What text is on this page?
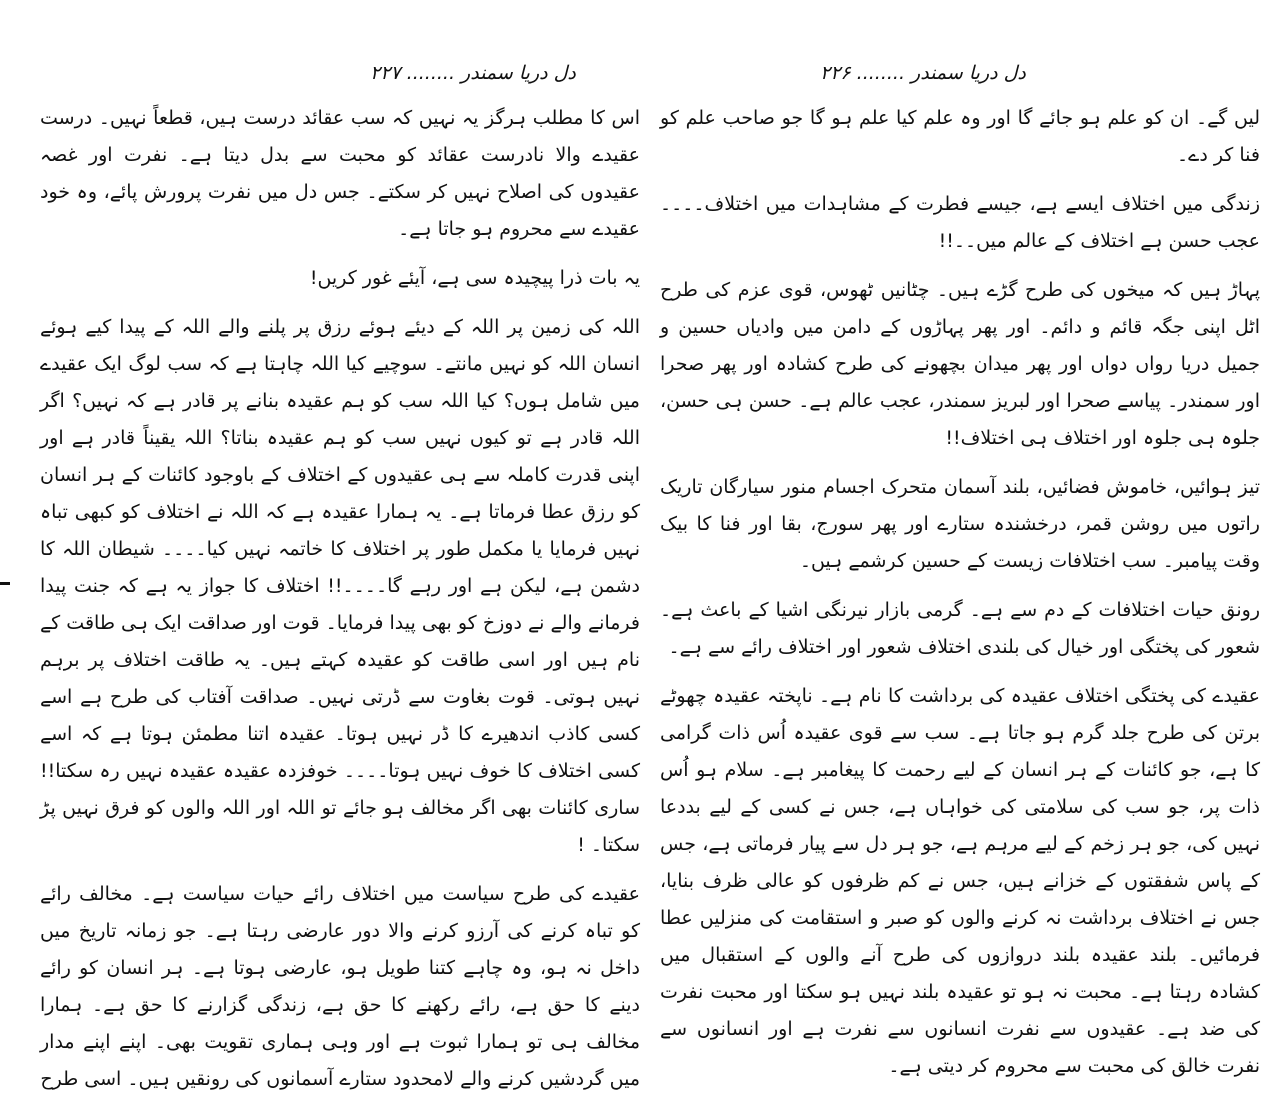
۲۲۷ ........ دل دریا سمندر

اس کا مطلب ہرگز یہ نہیں کہ سب عقائد درست ہیں، قطعاً نہیں۔ درست عقیدے والا نادرست عقائد کو محبت سے بدل دیتا ہے۔ نفرت اور غصہ عقیدوں کی اصلاح نہیں کر سکتے۔ جس دل میں نفرت پرورش پائے، وہ خود عقیدے سے محروم ہو جاتا ہے۔

یہ بات ذرا پیچیدہ سی ہے، آیئے غور کریں!

اللہ کی زمین پر اللہ کے دیئے ہوئے رزق پر پلنے والے اللہ کے پیدا کیے ہوئے انسان اللہ کو نہیں مانتے۔ سوچیے کیا اللہ چاہتا ہے کہ سب لوگ ایک عقیدے میں شامل ہوں؟ کیا اللہ سب کو ہم عقیدہ بنانے پر قادر ہے کہ نہیں؟ اگر اللہ قادر ہے تو کیوں نہیں سب کو ہم عقیدہ بناتا؟ اللہ یقیناً قادر ہے اور اپنی قدرت کاملہ سے ہی عقیدوں کے اختلاف کے باوجود کائنات کے ہر انسان کو رزق عطا فرماتا ہے۔ یہ ہمارا عقیدہ ہے کہ اللہ نے اختلاف کو کبھی تباہ نہیں فرمایا یا مکمل طور پر اختلاف کا خاتمہ نہیں کیا۔۔۔۔ شیطان اللہ کا دشمن ہے، لیکن ہے اور رہے گا۔۔۔۔!! اختلاف کا جواز یہ ہے کہ جنت پیدا فرمانے والے نے دوزخ کو بھی پیدا فرمایا۔ قوت اور صداقت ایک ہی طاقت کے نام ہیں اور اسی طاقت کو عقیدہ کہتے ہیں۔ یہ طاقت اختلاف پر برہم نہیں ہوتی۔ قوت بغاوت سے ڈرتی نہیں۔ صداقت آفتاب کی طرح ہے اسے کسی کاذب اندھیرے کا ڈر نہیں ہوتا۔ عقیدہ اتنا مطمئن ہوتا ہے کہ اسے کسی اختلاف کا خوف نہیں ہوتا۔۔۔۔ خوفزدہ عقیدہ عقیدہ نہیں رہ سکتا!! ساری کائنات بھی اگر مخالف ہو جائے تو اللہ اور اللہ والوں کو فرق نہیں پڑ سکتا۔ !

عقیدے کی طرح سیاست میں اختلاف رائے حیات سیاست ہے۔ مخالف رائے کو تباہ کرنے کی آرزو کرنے والا دور عارضی رہتا ہے۔ جو زمانہ تاریخ میں داخل نہ ہو، وہ چاہے کتنا طویل ہو، عارضی ہوتا ہے۔ ہر انسان کو رائے دینے کا حق ہے، رائے رکھنے کا حق ہے، زندگی گزارنے کا حق ہے۔ ہمارا مخالف ہی تو ہمارا ثبوت ہے اور وہی ہماری تقویت بھی۔ اپنے اپنے مدار میں گردشیں کرنے والے لامحدود ستارے آسمانوں کی رونقیں ہیں۔ اسی طرح

۲۲۶ ........ دل دریا سمندر

لیں گے۔ ان کو علم ہو جائے گا اور وہ علم کیا علم ہو گا جو صاحب علم کو فنا کر دے۔

زندگی میں اختلاف ایسے ہے، جیسے فطرت کے مشاہدات میں اختلاف۔۔۔۔ عجب حسن ہے اختلاف کے عالم میں۔۔!!

پہاڑ ہیں کہ میخوں کی طرح گڑے ہیں۔ چٹانیں ٹھوس، قوی عزم کی طرح اٹل اپنی جگہ قائم و دائم۔ اور پھر پہاڑوں کے دامن میں وادیاں حسین و جمیل دریا رواں دواں اور پھر میدان بچھونے کی طرح کشادہ اور پھر صحرا اور سمندر۔ پیاسے صحرا اور لبریز سمندر، عجب عالم ہے۔ حسن ہی حسن، جلوہ ہی جلوہ اور اختلاف ہی اختلاف!!

تیز ہوائیں، خاموش فضائیں، بلند آسمان متحرک اجسام منور سیارگان تاریک راتوں میں روشن قمر، درخشندہ ستارے اور پھر سورج، بقا اور فنا کا بیک وقت پیامبر۔ سب اختلافات زیست کے حسین کرشمے ہیں۔

رونق حیات اختلافات کے دم سے ہے۔ گرمی بازار نیرنگی اشیا کے باعث ہے۔ شعور کی پختگی اور خیال کی بلندی اختلاف شعور اور اختلاف رائے سے ہے۔

عقیدے کی پختگی اختلاف عقیدہ کی برداشت کا نام ہے۔ ناپختہ عقیدہ چھوٹے برتن کی طرح جلد گرم ہو جاتا ہے۔ سب سے قوی عقیدہ اُس ذات گرامی کا ہے، جو کائنات کے ہر انسان کے لیے رحمت کا پیغامبر ہے۔ سلام ہو اُس ذات پر، جو سب کی سلامتی کی خواہاں ہے، جس نے کسی کے لیے بددعا نہیں کی، جو ہر زخم کے لیے مرہم ہے، جو ہر دل سے پیار فرماتی ہے، جس کے پاس شفقتوں کے خزانے ہیں، جس نے کم ظرفوں کو عالی ظرف بنایا، جس نے اختلاف برداشت نہ کرنے والوں کو صبر و استقامت کی منزلیں عطا فرمائیں۔ بلند عقیدہ بلند دروازوں کی طرح آنے والوں کے استقبال میں کشادہ رہتا ہے۔ محبت نہ ہو تو عقیدہ بلند نہیں ہو سکتا اور محبت نفرت کی ضد ہے۔ عقیدوں سے نفرت انسانوں سے نفرت ہے اور انسانوں سے نفرت خالق کی محبت سے محروم کر دیتی ہے۔
